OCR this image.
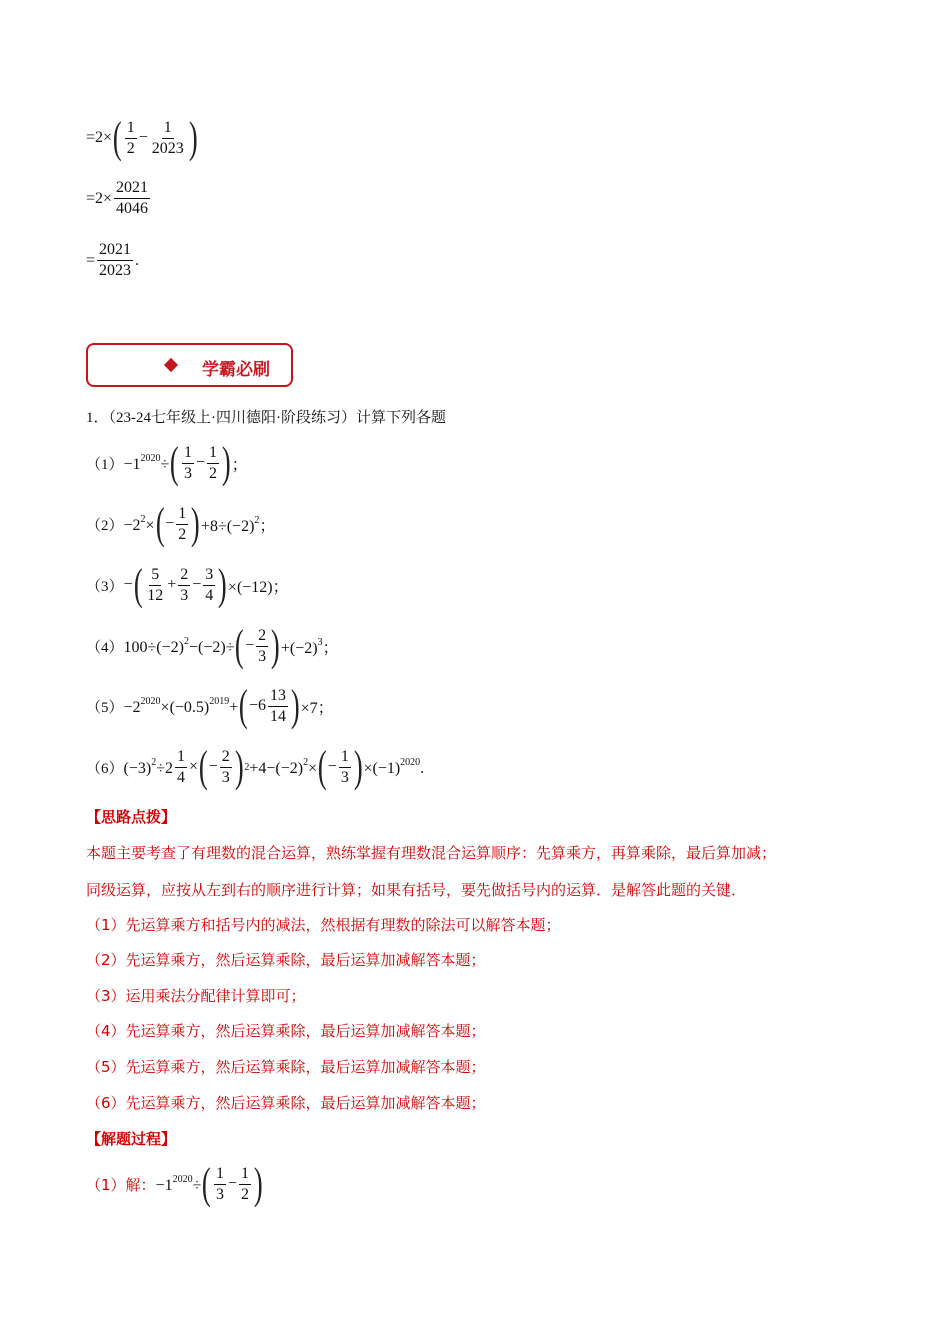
=2× ( $\frac{1}{2} - \frac{1}{2023}$ )
$=2\times \frac{2021}{4046}$
= $\frac{2021}{2023}$ .
学霸必刷
1．（23-24七年级上·四川德阳·阶段练习）计算下列各题
$(1) -1^{2020}\div$ ( $\frac{1}{3} - \frac{1}{2}$ ) ；
$(2) -2^2\times$ ( − $\frac{1}{2}$ ) $+8\div(-2)^2$；
（3） − ( $\frac{5}{12} + \frac{2}{3} - \frac{3}{4}$ ) ×(−12)；
（4） $100\div(-2)^2-(-2)\div$ ( − $\frac{2}{3}$ ) $+(-2)^3$；
$(5) -2^{2020}\times(-0.5)^{2019}+$ ( $-6 \frac{13}{14}$ ) ×7；
（6） $(-3)^2\div 2 \frac{1}{4}$ × ( − $\frac{2}{3}$ ) $2 +4-(-2)^2\times$ ( − $\frac{1}{3}$ ) $\times(-1)^{2020}$.
【思路点拨】
本题主要考查了有理数的混合运算，熟练掌握有理数混合运算顺序：先算乘方，再算乘除，最后算加减；
同级运算，应按从左到右的顺序进行计算；如果有括号，要先做括号内的运算．是解答此题的关键．
（1）先运算乘方和括号内的减法，然根据有理数的除法可以解答本题；
（2）先运算乘方，然后运算乘除，最后运算加减解答本题；
（3）运用乘法分配律计算即可；
（4）先运算乘方，然后运算乘除，最后运算加减解答本题；
（5）先运算乘方，然后运算乘除，最后运算加减解答本题；
（6）先运算乘方，然后运算乘除，最后运算加减解答本题；
【解题过程】
（1）解： $-1^{2020}\div$ ( $\frac{1}{3} - \frac{1}{2}$ )
